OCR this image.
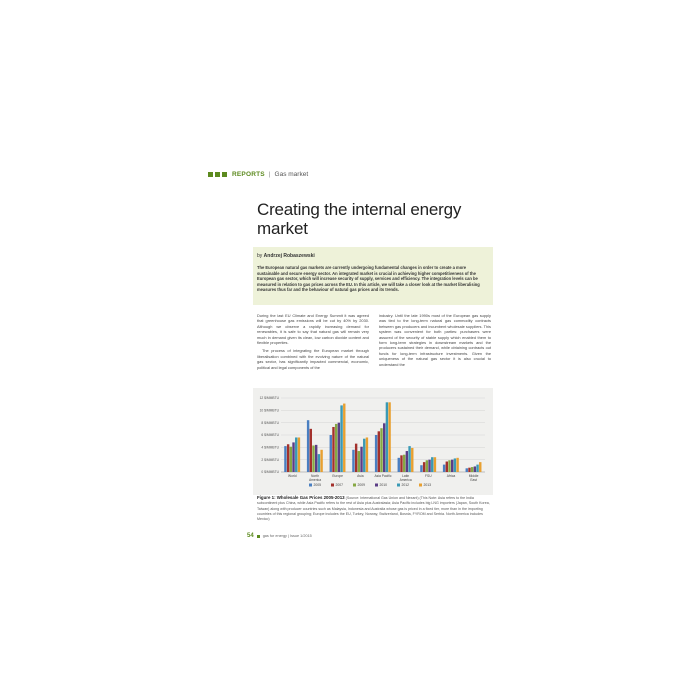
REPORTS | Gas market
Creating the internal energy market
by Andrzej Robaszewski
The European natural gas markets are currently undergoing fundamental changes in order to create a more sustainable and secure energy sector. An integrated market is crucial in achieving higher competitiveness of the European gas sector, which will increase security of supply, services and efficiency. The integration levels can be measured in relation to gas prices across the EU. In this article, we will take a closer look at the market liberalising measures thus far and the behaviour of natural gas prices and its trends.

During the last EU Climate and Energy Summit it was agreed that greenhouse gas emissions will be cut by 40% by 2030. Although we observe a rapidly increasing demand for renewables, it is safe to say that natural gas will remain very much in demand given its clean, low carbon dioxide content and flexible properties.

The process of integrating the European market through liberalisation combined with the evolving nature of the natural gas sector, has significantly impacted commercial, economic, political and legal components of the

industry. Until the late 1990s most of the European gas supply was tied to the long-term natural gas commodity contracts between gas producers and incumbent wholesale suppliers. This system was convenient for both parties: purchasers were assured of the security of stable supply which enabled them to form long-term strategies in downstream markets and the producers sustained their demand, while obtaining contracts out funds for long-term infrastructure investments. Given the uniqueness of the natural gas sector it is also crucial to understand the

0 $/MMBTU
2 $/MMBTU
4 $/MMBTU
6 $/MMBTU
8 $/MMBTU
10 $/MMBTU
12 $/MMBTU
World	North
America
Europe	Asia	Asia Pacific	Latin
America
FSU	Africa	Middle
East
2005	2007	2009	2010	2012	2013
Figure 1: Wholesale Gas Prices 2005-2013 (Source: International Gas Union and Nexant) (This Note: Asia refers to the India subcontinent plus China, while Asia Pacific refers to the rest of Asia plus Australasia; Asia Pacific includes big LNG importers (Japan, South Korea, Taiwan) along with producer countries such as Malaysia, Indonesia and Australia whose gas is priced in a fixed tier, more than in the importing countries of this regional grouping; Europe includes the EU, Turkey, Norway, Switzerland, Bosnia, FYROM and Serbia. North America includes Mexico)
54 gas for energy | Issue 1/2015
